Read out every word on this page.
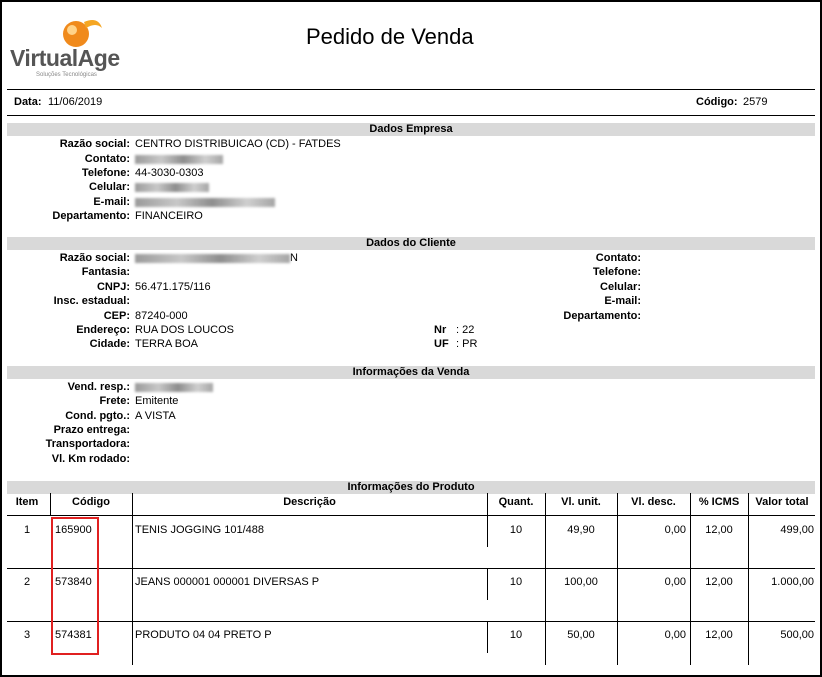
VirtualAge
Soluções Tecnológicas
Pedido de Venda
Data: 11/06/2019	Código: 2579
Dados Empresa
Razão social: CENTRO DISTRIBUICAO (CD) - FATDES
Contato:
Telefone: 44-3030-0303
Celular:
E-mail:
Departamento: FINANCEIRO
Dados do Cliente
Razão social:	N
Fantasia:
CNPJ: 56.471.175/116
Insc. estadual:
CEP: 87240-000
Endereço: RUA DOS LOUCOS
Cidade: TERRA BOA
Nr : 22
UF : PR
Contato:
Telefone:
Celular:
E-mail:
Departamento:
Informações da Venda
Vend. resp.:
Frete: Emitente
Cond. pgto.: A VISTA
Prazo entrega:
Transportadora:
Vl. Km rodado:
Informações do Produto
Item	Código	Descrição	Quant.	Vl. unit.	Vl. desc.	% ICMS	Valor total
1	165900	TENIS JOGGING 101/488	10	49,90	0,00	12,00	499,00
2	573840	JEANS 000001 000001 DIVERSAS P	10	100,00	0,00	12,00	1.000,00
3	574381	PRODUTO 04 04 PRETO P	10	50,00	0,00	12,00	500,00
